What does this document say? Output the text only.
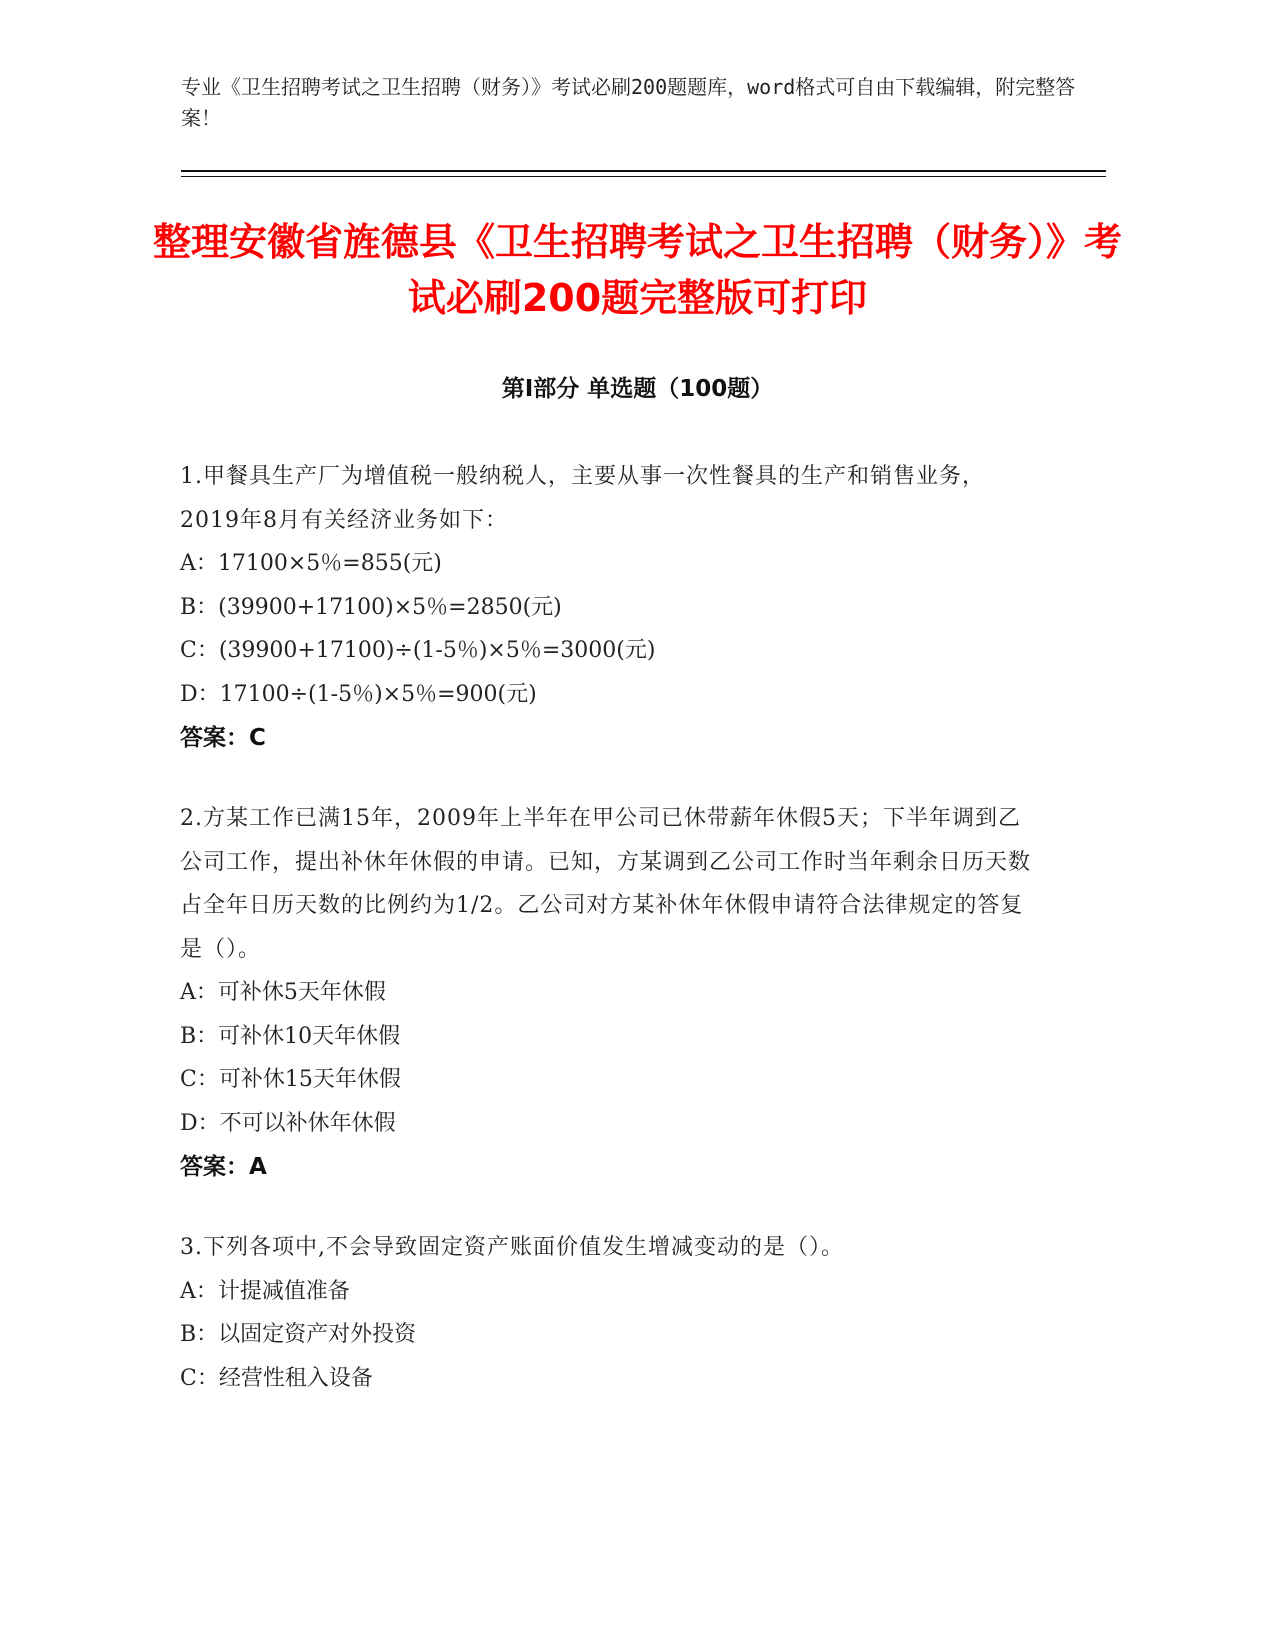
专业《卫生招聘考试之卫生招聘（财务）》考试必刷200题题库，word格式可自由下载编辑，附完整答案！
整理安徽省旌德县《卫生招聘考试之卫生招聘（财务）》考试必刷200题完整版可打印
第I部分 单选题（100题）

1.甲餐具生产厂为增值税一般纳税人，主要从事一次性餐具的生产和销售业务，2019年8月有关经济业务如下：

A：17100×5％=855(元)

B：(39900+17100)×5％=2850(元)

C：(39900+17100)÷(1-5％)×5％=3000(元)

D：17100÷(1-5％)×5％=900(元)

答案：C

2.方某工作已满15年，2009年上半年在甲公司已休带薪年休假5天；下半年调到乙公司工作，提出补休年休假的申请。已知，方某调到乙公司工作时当年剩余日历天数占全年日历天数的比例约为1/2。乙公司对方某补休年休假申请符合法律规定的答复是（）。

A：可补休5天年休假

B：可补休10天年休假

C：可补休15天年休假

D：不可以补休年休假

答案：A

3.下列各项中,不会导致固定资产账面价值发生增减变动的是（）。

A：计提减值准备

B：以固定资产对外投资

C：经营性租入设备
